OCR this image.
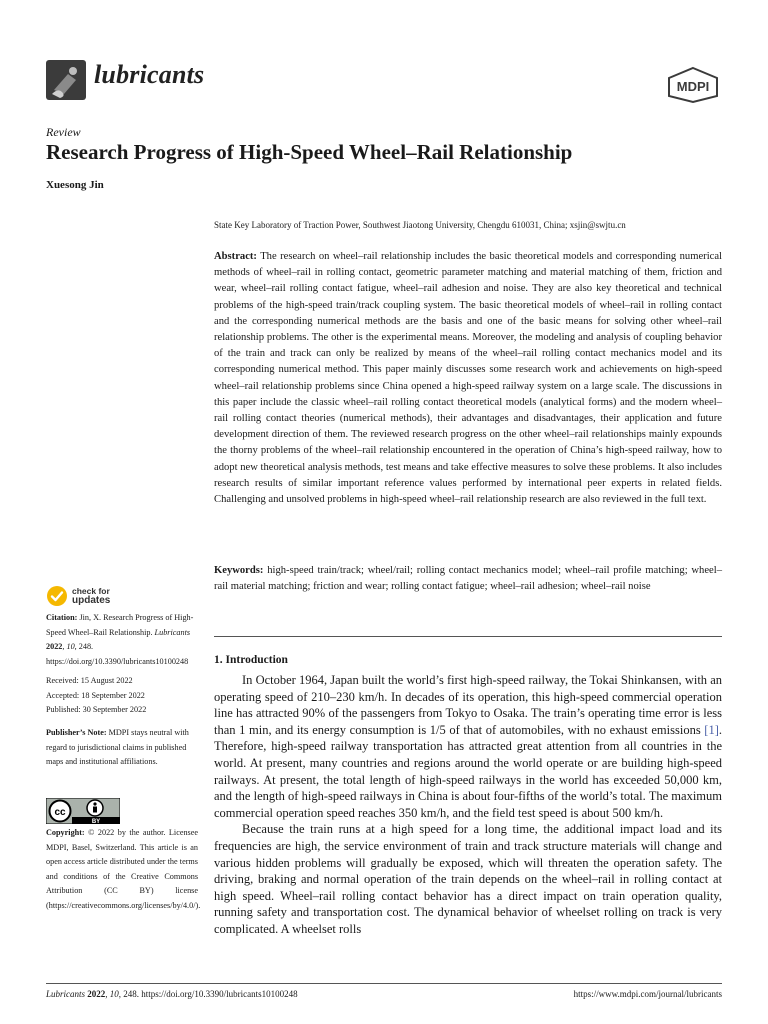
lubricants	MDPI
Review
Research Progress of High-Speed Wheel–Rail Relationship
Xuesong Jin
State Key Laboratory of Traction Power, Southwest Jiaotong University, Chengdu 610031, China; xsjin@swjtu.cn
Abstract: The research on wheel–rail relationship includes the basic theoretical models and corresponding numerical methods of wheel–rail in rolling contact, geometric parameter matching and material matching of them, friction and wear, wheel–rail rolling contact fatigue, wheel–rail adhesion and noise. They are also key theoretical and technical problems of the high-speed train/track coupling system. The basic theoretical models of wheel–rail in rolling contact and the corresponding numerical methods are the basis and one of the basic means for solving other wheel–rail relationship problems. The other is the experimental means. Moreover, the modeling and analysis of coupling behavior of the train and track can only be realized by means of the wheel–rail rolling contact mechanics model and its corresponding numerical method. This paper mainly discusses some research work and achievements on high-speed wheel–rail relationship problems since China opened a high-speed railway system on a large scale. The discussions in this paper include the classic wheel–rail rolling contact theoretical models (analytical forms) and the modern wheel–rail rolling contact theories (numerical methods), their advantages and disadvantages, their application and future development direction of them. The reviewed research progress on the other wheel–rail relationships mainly expounds the thorny problems of the wheel–rail relationship encountered in the operation of China’s high-speed railway, how to adopt new theoretical analysis methods, test means and take effective measures to solve these problems. It also includes research results of similar important reference values performed by international peer experts in related fields. Challenging and unsolved problems in high-speed wheel–rail relationship research are also reviewed in the full text.
Keywords: high-speed train/track; wheel/rail; rolling contact mechanics model; wheel–rail profile matching; wheel–rail material matching; friction and wear; rolling contact fatigue; wheel–rail adhesion; wheel–rail noise
1. Introduction

In October 1964, Japan built the world’s first high-speed railway, the Tokai Shinkansen, with an operating speed of 210–230 km/h. In decades of its operation, this high-speed commercial operation line has attracted 90% of the passengers from Tokyo to Osaka. The train’s operating time error is less than 1 min, and its energy consumption is 1/5 of that of automobiles, with no exhaust emissions [1]. Therefore, high-speed railway transportation has attracted great attention from all countries in the world. At present, many countries and regions around the world operate or are building high-speed railways. At present, the total length of high-speed railways in the world has exceeded 50,000 km, and the length of high-speed railways in China is about four-fifths of the world’s total. The maximum commercial operation speed reaches 350 km/h, and the field test speed is about 500 km/h.

Because the train runs at a high speed for a long time, the additional impact load and its frequencies are high, the service environment of train and track structure materials will change and various hidden problems will gradually be exposed, which will threaten the operation safety. The driving, braking and normal operation of the train depends on the wheel–rail in rolling contact at high speed. Wheel–rail rolling contact behavior has a direct impact on train operation quality, running safety and transportation cost. The dynamical behavior of wheelset rolling on track is very complicated. A wheelset rolls

check for
updates
Citation: Jin, X. Research Progress of High-Speed Wheel–Rail Relationship. Lubricants 2022, 10, 248. https://doi.org/10.3390/lubricants10100248
Received: 15 August 2022
Accepted: 18 September 2022
Published: 30 September 2022
Publisher’s Note: MDPI stays neutral with regard to jurisdictional claims in published maps and institutional affiliations.
cc
BY
Copyright: © 2022 by the author. Licensee MDPI, Basel, Switzerland. This article is an open access article distributed under the terms and conditions of the Creative Commons Attribution (CC BY) license (https://creativecommons.org/licenses/by/4.0/).
Lubricants 2022, 10, 248. https://doi.org/10.3390/lubricants10100248	https://www.mdpi.com/journal/lubricants
